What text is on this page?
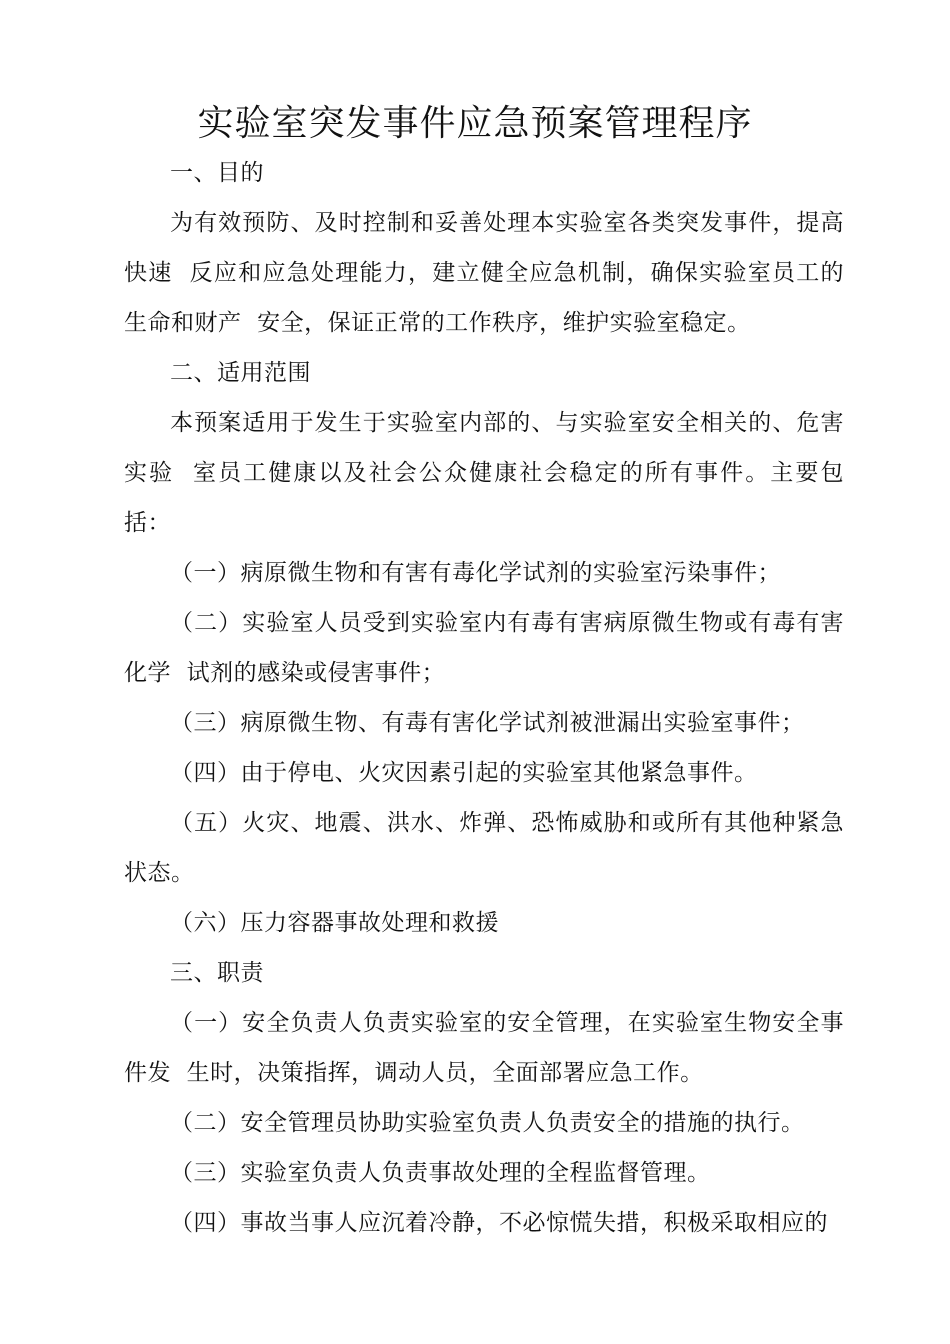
实验室突发事件应急预案管理程序

一、目的

为有效预防、及时控制和妥善处理本实验室各类突发事件，提高快速  反应和应急处理能力，建立健全应急机制，确保实验室员工的生命和财产  安全，保证正常的工作秩序，维护实验室稳定。

二、适用范围

本预案适用于发生于实验室内部的、与实验室安全相关的、危害实验  室员工健康以及社会公众健康社会稳定的所有事件。主要包括：

（一）病原微生物和有害有毒化学试剂的实验室污染事件；

（二）实验室人员受到实验室内有毒有害病原微生物或有毒有害化学  试剂的感染或侵害事件；

（三）病原微生物、有毒有害化学试剂被泄漏出实验室事件；

（四）由于停电、火灾因素引起的实验室其他紧急事件。

（五）火灾、地震、洪水、炸弹、恐怖威胁和或所有其他种紧急状态。

（六）压力容器事故处理和救援

三、职责

（一）安全负责人负责实验室的安全管理，在实验室生物安全事件发  生时，决策指挥，调动人员，全面部署应急工作。

（二）安全管理员协助实验室负责人负责安全的措施的执行。

（三）实验室负责人负责事故处理的全程监督管理。

（四）事故当事人应沉着冷静，不必惊慌失措，积极采取相应的
